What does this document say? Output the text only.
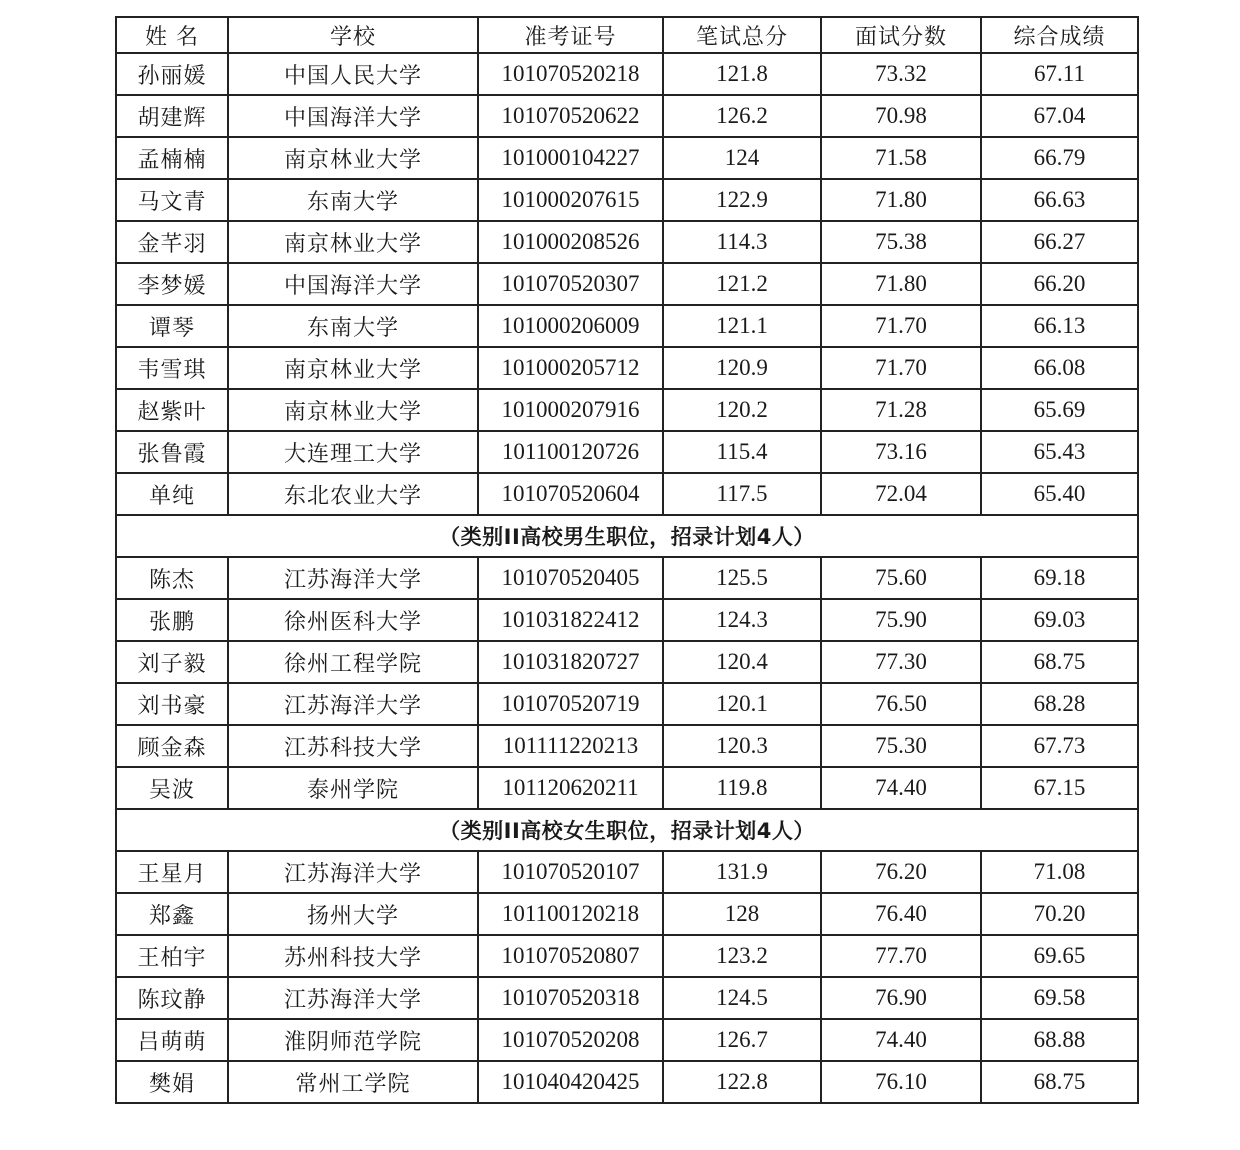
姓 名	学校	准考证号	笔试总分	面试分数	综合成绩
孙丽媛	中国人民大学	101070520218	121.8	73.32	67.11
胡建辉	中国海洋大学	101070520622	126.2	70.98	67.04
孟楠楠	南京林业大学	101000104227	124	71.58	66.79
马文青	东南大学	101000207615	122.9	71.80	66.63
金芊羽	南京林业大学	101000208526	114.3	75.38	66.27
李梦媛	中国海洋大学	101070520307	121.2	71.80	66.20
谭琴	东南大学	101000206009	121.1	71.70	66.13
韦雪琪	南京林业大学	101000205712	120.9	71.70	66.08
赵紫叶	南京林业大学	101000207916	120.2	71.28	65.69
张鲁霞	大连理工大学	101100120726	115.4	73.16	65.43
单纯	东北农业大学	101070520604	117.5	72.04	65.40
（类别II高校男生职位，招录计划4人）					
陈杰	江苏海洋大学	101070520405	125.5	75.60	69.18
张鹏	徐州医科大学	101031822412	124.3	75.90	69.03
刘子毅	徐州工程学院	101031820727	120.4	77.30	68.75
刘书豪	江苏海洋大学	101070520719	120.1	76.50	68.28
顾金森	江苏科技大学	101111220213	120.3	75.30	67.73
吴波	泰州学院	101120620211	119.8	74.40	67.15
（类别II高校女生职位，招录计划4人）					
王星月	江苏海洋大学	101070520107	131.9	76.20	71.08
郑鑫	扬州大学	101100120218	128	76.40	70.20
王柏宇	苏州科技大学	101070520807	123.2	77.70	69.65
陈玟静	江苏海洋大学	101070520318	124.5	76.90	69.58
吕萌萌	淮阴师范学院	101070520208	126.7	74.40	68.88
樊娟	常州工学院	101040420425	122.8	76.10	68.75
